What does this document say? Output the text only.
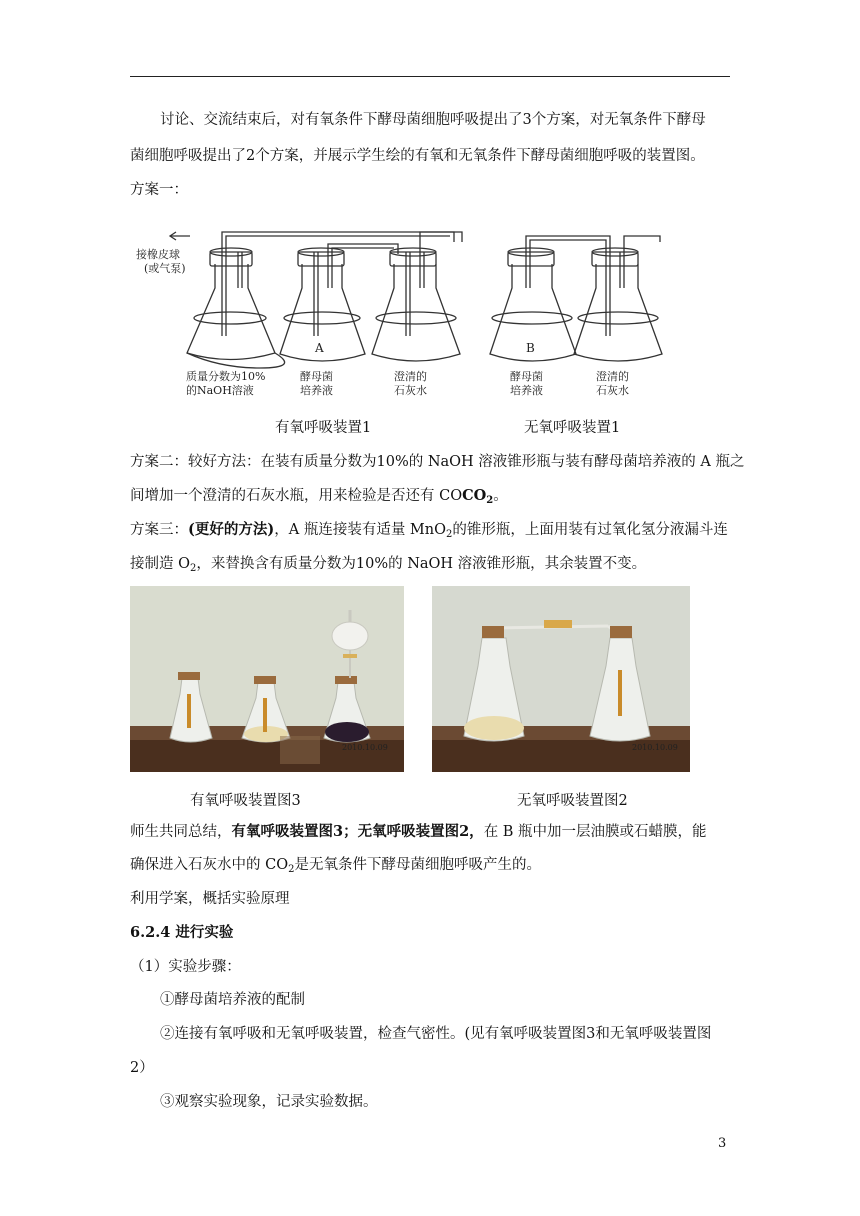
讨论、交流结束后，对有氧条件下酵母菌细胞呼吸提出了3个方案，对无氧条件下酵母
菌细胞呼吸提出了2个方案，并展示学生绘的有氧和无氧条件下酵母菌细胞呼吸的装置图。
方案一：
接橡皮球
(或气泵)
质量分数为10%
的NaOH溶液
A
酵母菌
培养液
澄清的
石灰水
B
酵母菌
培养液
澄清的
石灰水
有氧呼吸装置1	无氧呼吸装置1
方案二：较好方法：在装有质量分数为10%的 NaOH 溶液锥形瓶与装有酵母菌培养液的 A 瓶之
间增加一个澄清的石灰水瓶，用来检验是否还有 $COCO_2$。
方案三：(更好的方法)，A 瓶连接装有适量 MnO$_2$的锥形瓶，上面用装有过氧化氢分液漏斗连
接制造 $O_2$，来替换含有质量分数为10%的 NaOH 溶液锥形瓶，其余装置不变。
2010.10.09	2010.10.09
有氧呼吸装置图3	无氧呼吸装置图2
师生共同总结，有氧呼吸装置图3；无氧呼吸装置图2，在 B 瓶中加一层油膜或石蜡膜，能
确保进入石灰水中的 $CO_2$是无氧条件下酵母菌细胞呼吸产生的。
利用学案，概括实验原理
6.2.4 进行实验
（1）实验步骤：
①酵母菌培养液的配制
②连接有氧呼吸和无氧呼吸装置，检查气密性。(见有氧呼吸装置图3和无氧呼吸装置图
2）
③观察实验现象，记录实验数据。
3
